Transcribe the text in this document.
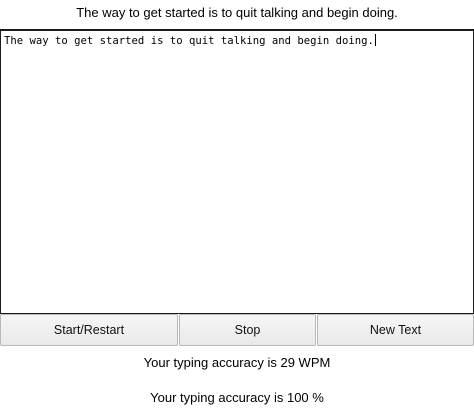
The way to get started is to quit talking and begin doing.
The way to get started is to quit talking and begin doing.
Start/Restart	Stop	New Text
Your typing accuracy is 29 WPM
Your typing accuracy is 100 %
